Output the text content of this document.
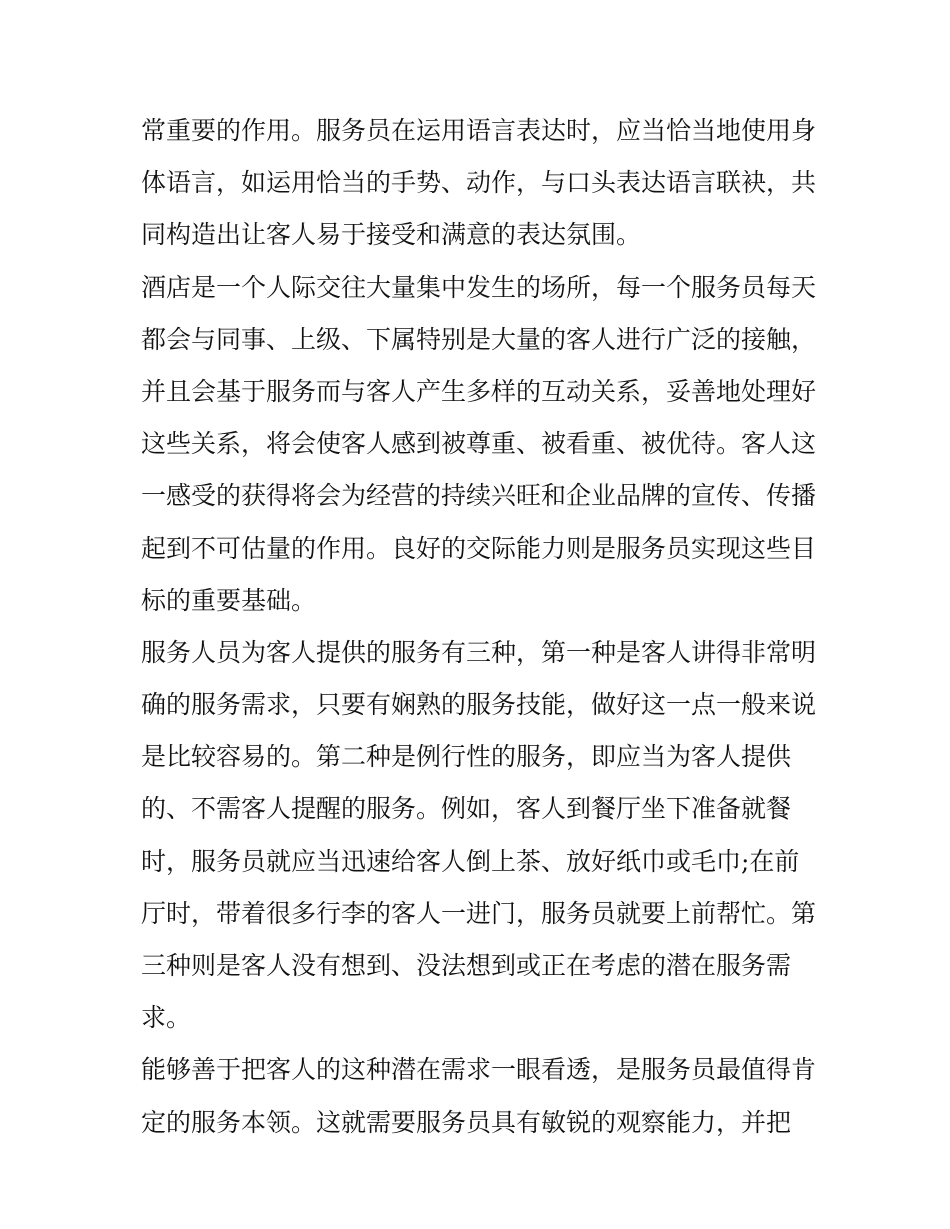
常重要的作用。服务员在运用语言表达时，应当恰当地使用身
体语言，如运用恰当的手势、动作，与口头表达语言联袂，共
同构造出让客人易于接受和满意的表达氛围。
酒店是一个人际交往大量集中发生的场所，每一个服务员每天
都会与同事、上级、下属特别是大量的客人进行广泛的接触，
并且会基于服务而与客人产生多样的互动关系，妥善地处理好
这些关系，将会使客人感到被尊重、被看重、被优待。客人这
一感受的获得将会为经营的持续兴旺和企业品牌的宣传、传播
起到不可估量的作用。良好的交际能力则是服务员实现这些目
标的重要基础。
服务人员为客人提供的服务有三种，第一种是客人讲得非常明
确的服务需求，只要有娴熟的服务技能，做好这一点一般来说
是比较容易的。第二种是例行性的服务，即应当为客人提供
的、不需客人提醒的服务。例如，客人到餐厅坐下准备就餐
时，服务员就应当迅速给客人倒上茶、放好纸巾或毛巾;在前
厅时，带着很多行李的客人一进门，服务员就要上前帮忙。第
三种则是客人没有想到、没法想到或正在考虑的潜在服务需
求。
能够善于把客人的这种潜在需求一眼看透，是服务员最值得肯
定的服务本领。这就需要服务员具有敏锐的观察能力，并把
